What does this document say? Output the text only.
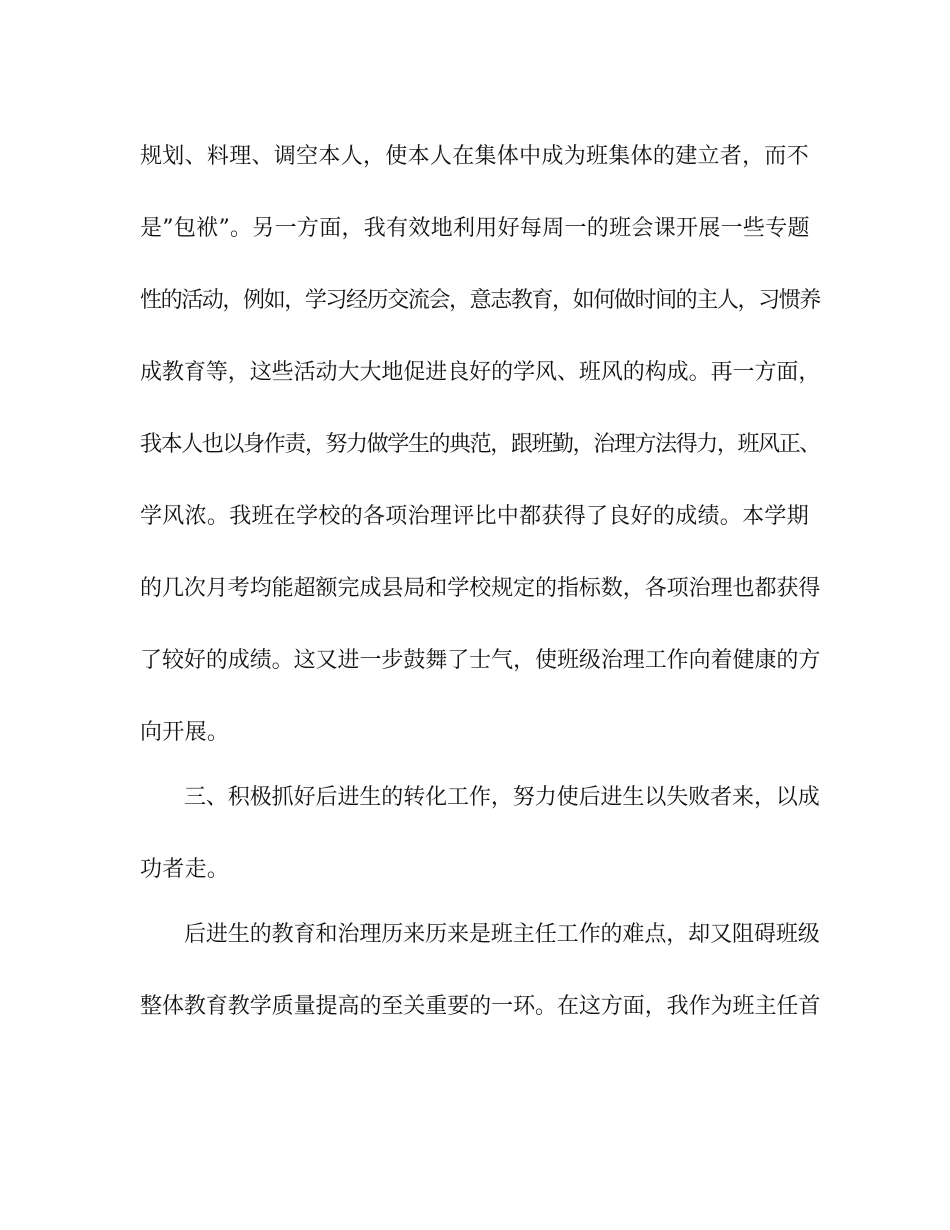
规划、料理、调空本人，使本人在集体中成为班集体的建立者，而不
是”包袱”。另一方面，我有效地利用好每周一的班会课开展一些专题
性的活动，例如，学习经历交流会，意志教育，如何做时间的主人，习惯养
成教育等，这些活动大大地促进良好的学风、班风的构成。再一方面，
我本人也以身作责，努力做学生的典范，跟班勤，治理方法得力，班风正、
学风浓。我班在学校的各项治理评比中都获得了良好的成绩。本学期
的几次月考均能超额完成县局和学校规定的指标数，各项治理也都获得
了较好的成绩。这又进一步鼓舞了士气，使班级治理工作向着健康的方
向开展。
三、积极抓好后进生的转化工作，努力使后进生以失败者来，以成
功者走。
后进生的教育和治理历来历来是班主任工作的难点，却又阻碍班级
整体教育教学质量提高的至关重要的一环。在这方面，我作为班主任首
